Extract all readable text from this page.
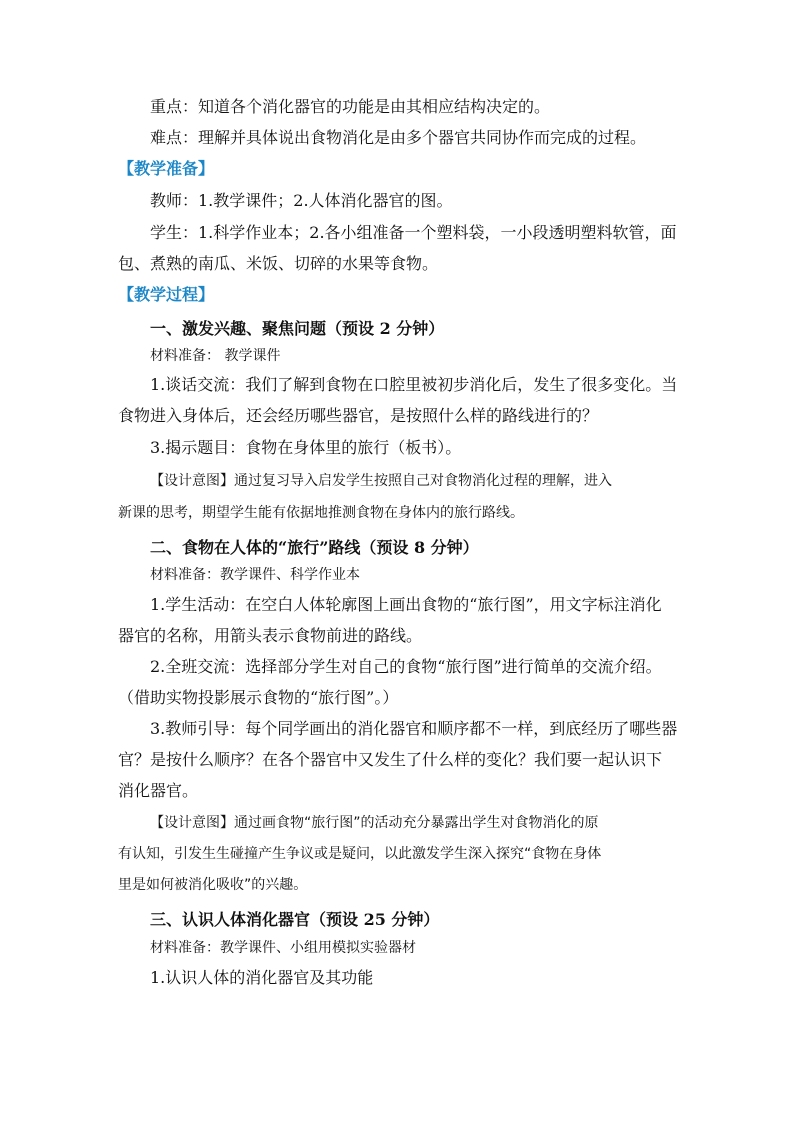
重点：知道各个消化器官的功能是由其相应结构决定的。
难点：理解并具体说出食物消化是由多个器官共同协作而完成的过程。
【教学准备】
教师：1.教学课件；2.人体消化器官的图。
学生：1.科学作业本；2.各小组准备一个塑料袋，一小段透明塑料软管，面
包、煮熟的南瓜、米饭、切碎的水果等食物。
【教学过程】
一、激发兴趣、聚焦问题（预设 2 分钟）
材料准备： 教学课件
1.谈话交流：我们了解到食物在口腔里被初步消化后，发生了很多变化。当
食物进入身体后，还会经历哪些器官，是按照什么样的路线进行的？
3.揭示题目：食物在身体里的旅行（板书）。
【设计意图】通过复习导入启发学生按照自己对食物消化过程的理解，进入
新课的思考，期望学生能有依据地推测食物在身体内的旅行路线。
二、食物在人体的“旅行”路线（预设 8 分钟）
材料准备：教学课件、科学作业本
1.学生活动：在空白人体轮廓图上画出食物的“旅行图”，用文字标注消化
器官的名称，用箭头表示食物前进的路线。
2.全班交流：选择部分学生对自己的食物“旅行图”进行简单的交流介绍。
（借助实物投影展示食物的“旅行图”。）
3.教师引导：每个同学画出的消化器官和顺序都不一样，到底经历了哪些器
官？是按什么顺序？在各个器官中又发生了什么样的变化？我们要一起认识下
消化器官。
【设计意图】通过画食物“旅行图”的活动充分暴露出学生对食物消化的原
有认知，引发生生碰撞产生争议或是疑问，以此激发学生深入探究“食物在身体
里是如何被消化吸收”的兴趣。
三、认识人体消化器官（预设 25 分钟）
材料准备：教学课件、小组用模拟实验器材
1.认识人体的消化器官及其功能
